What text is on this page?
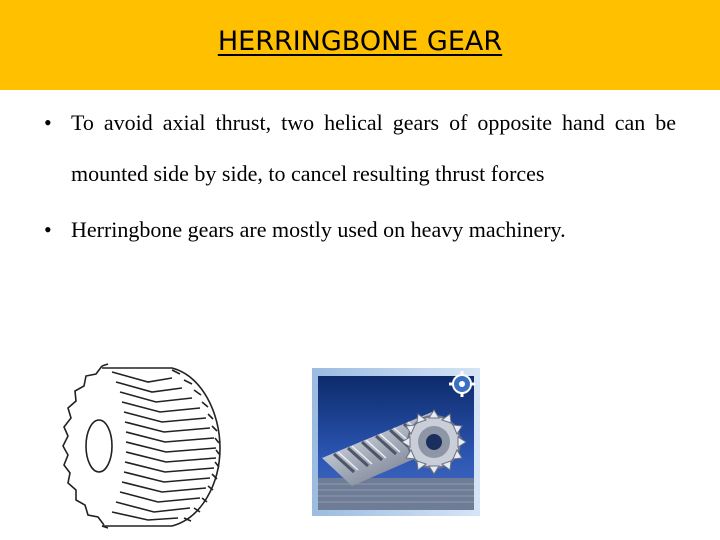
HERRINGBONE GEAR
• To avoid axial thrust, two helical gears of opposite hand can be mounted side by side, to cancel resulting thrust forces
• Herringbone gears are mostly used on heavy machinery.
